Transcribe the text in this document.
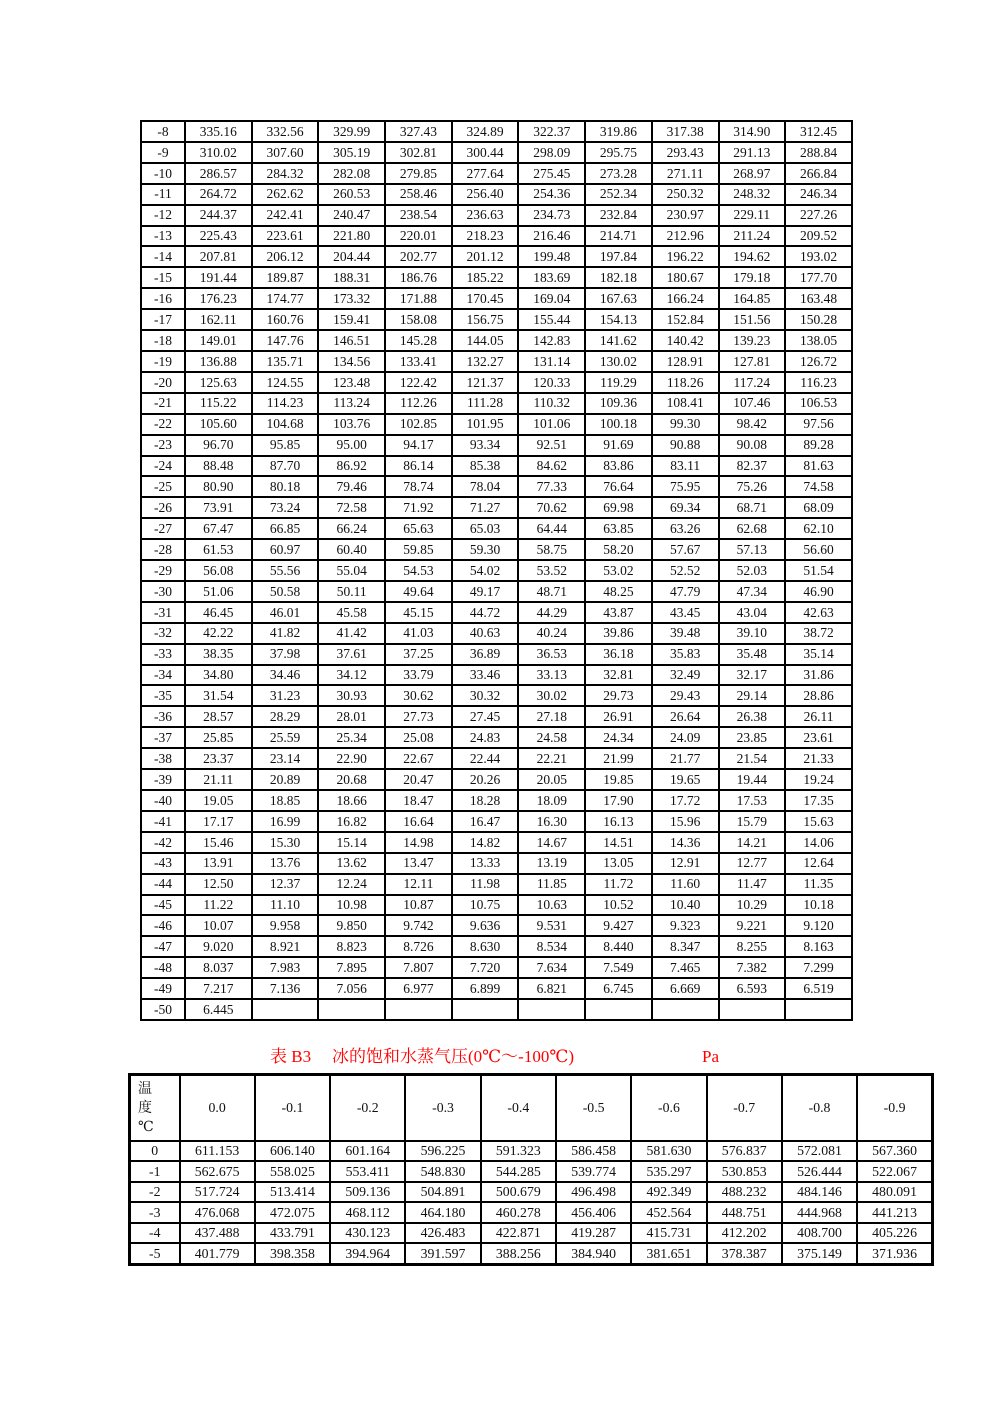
-8	335.16	332.56	329.99	327.43	324.89	322.37	319.86	317.38	314.90	312.45
-9	310.02	307.60	305.19	302.81	300.44	298.09	295.75	293.43	291.13	288.84
-10	286.57	284.32	282.08	279.85	277.64	275.45	273.28	271.11	268.97	266.84
-11	264.72	262.62	260.53	258.46	256.40	254.36	252.34	250.32	248.32	246.34
-12	244.37	242.41	240.47	238.54	236.63	234.73	232.84	230.97	229.11	227.26
-13	225.43	223.61	221.80	220.01	218.23	216.46	214.71	212.96	211.24	209.52
-14	207.81	206.12	204.44	202.77	201.12	199.48	197.84	196.22	194.62	193.02
-15	191.44	189.87	188.31	186.76	185.22	183.69	182.18	180.67	179.18	177.70
-16	176.23	174.77	173.32	171.88	170.45	169.04	167.63	166.24	164.85	163.48
-17	162.11	160.76	159.41	158.08	156.75	155.44	154.13	152.84	151.56	150.28
-18	149.01	147.76	146.51	145.28	144.05	142.83	141.62	140.42	139.23	138.05
-19	136.88	135.71	134.56	133.41	132.27	131.14	130.02	128.91	127.81	126.72
-20	125.63	124.55	123.48	122.42	121.37	120.33	119.29	118.26	117.24	116.23
-21	115.22	114.23	113.24	112.26	111.28	110.32	109.36	108.41	107.46	106.53
-22	105.60	104.68	103.76	102.85	101.95	101.06	100.18	99.30	98.42	97.56
-23	96.70	95.85	95.00	94.17	93.34	92.51	91.69	90.88	90.08	89.28
-24	88.48	87.70	86.92	86.14	85.38	84.62	83.86	83.11	82.37	81.63
-25	80.90	80.18	79.46	78.74	78.04	77.33	76.64	75.95	75.26	74.58
-26	73.91	73.24	72.58	71.92	71.27	70.62	69.98	69.34	68.71	68.09
-27	67.47	66.85	66.24	65.63	65.03	64.44	63.85	63.26	62.68	62.10
-28	61.53	60.97	60.40	59.85	59.30	58.75	58.20	57.67	57.13	56.60
-29	56.08	55.56	55.04	54.53	54.02	53.52	53.02	52.52	52.03	51.54
-30	51.06	50.58	50.11	49.64	49.17	48.71	48.25	47.79	47.34	46.90
-31	46.45	46.01	45.58	45.15	44.72	44.29	43.87	43.45	43.04	42.63
-32	42.22	41.82	41.42	41.03	40.63	40.24	39.86	39.48	39.10	38.72
-33	38.35	37.98	37.61	37.25	36.89	36.53	36.18	35.83	35.48	35.14
-34	34.80	34.46	34.12	33.79	33.46	33.13	32.81	32.49	32.17	31.86
-35	31.54	31.23	30.93	30.62	30.32	30.02	29.73	29.43	29.14	28.86
-36	28.57	28.29	28.01	27.73	27.45	27.18	26.91	26.64	26.38	26.11
-37	25.85	25.59	25.34	25.08	24.83	24.58	24.34	24.09	23.85	23.61
-38	23.37	23.14	22.90	22.67	22.44	22.21	21.99	21.77	21.54	21.33
-39	21.11	20.89	20.68	20.47	20.26	20.05	19.85	19.65	19.44	19.24
-40	19.05	18.85	18.66	18.47	18.28	18.09	17.90	17.72	17.53	17.35
-41	17.17	16.99	16.82	16.64	16.47	16.30	16.13	15.96	15.79	15.63
-42	15.46	15.30	15.14	14.98	14.82	14.67	14.51	14.36	14.21	14.06
-43	13.91	13.76	13.62	13.47	13.33	13.19	13.05	12.91	12.77	12.64
-44	12.50	12.37	12.24	12.11	11.98	11.85	11.72	11.60	11.47	11.35
-45	11.22	11.10	10.98	10.87	10.75	10.63	10.52	10.40	10.29	10.18
-46	10.07	9.958	9.850	9.742	9.636	9.531	9.427	9.323	9.221	9.120
-47	9.020	8.921	8.823	8.726	8.630	8.534	8.440	8.347	8.255	8.163
-48	8.037	7.983	7.895	7.807	7.720	7.634	7.549	7.465	7.382	7.299
-49	7.217	7.136	7.056	6.977	6.899	6.821	6.745	6.669	6.593	6.519
-50	6.445									
表 B3 冰的饱和水蒸气压(0℃～-100℃)	Pa
温
度
℃	0.0	-0.1	-0.2	-0.3	-0.4	-0.5	-0.6	-0.7	-0.8	-0.9
0	611.153	606.140	601.164	596.225	591.323	586.458	581.630	576.837	572.081	567.360
-1	562.675	558.025	553.411	548.830	544.285	539.774	535.297	530.853	526.444	522.067
-2	517.724	513.414	509.136	504.891	500.679	496.498	492.349	488.232	484.146	480.091
-3	476.068	472.075	468.112	464.180	460.278	456.406	452.564	448.751	444.968	441.213
-4	437.488	433.791	430.123	426.483	422.871	419.287	415.731	412.202	408.700	405.226
-5	401.779	398.358	394.964	391.597	388.256	384.940	381.651	378.387	375.149	371.936
